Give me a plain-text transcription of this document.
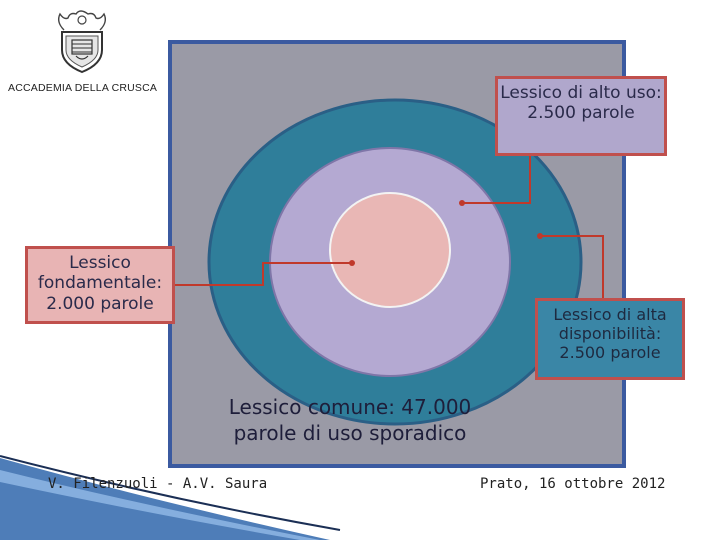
ACCADEMIA DELLA CRUSCA	Lessico di alto uso: 2.500 parole
Lessico fondamentale: 2.000 parole
Lessico di alta disponibilità: 2.500 parole
Lessico comune: 47.000 parole di uso sporadico
V. Filenzuoli - A.V. Saura	Prato, 16 ottobre 2012
